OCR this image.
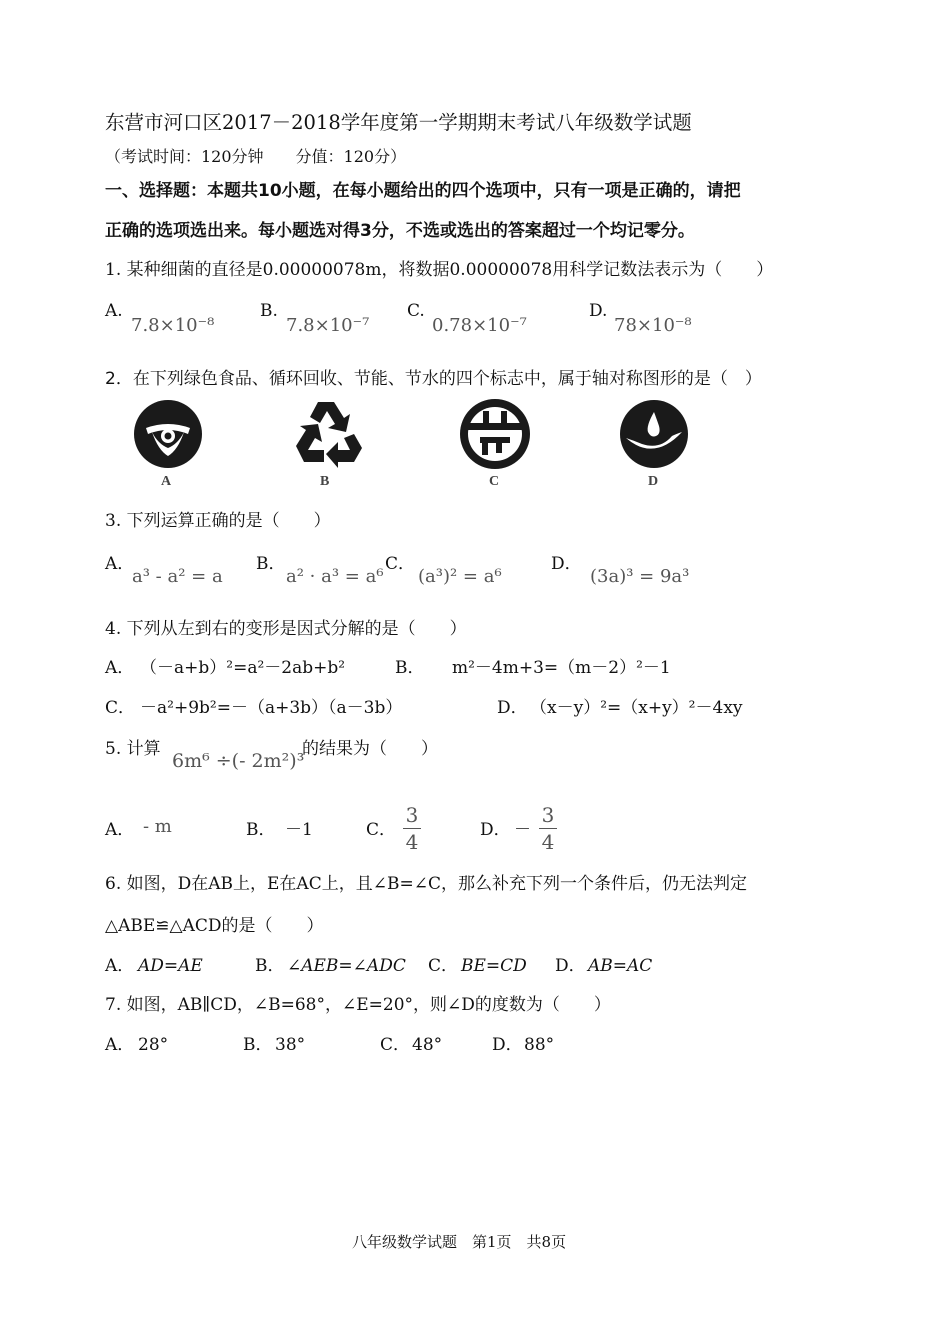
东营市河口区2017－2018学年度第一学期期末考试八年级数学试题
（考试时间：120分钟　　分值：120分）
一、选择题：本题共10小题，在每小题给出的四个选项中，只有一项是正确的，请把
正确的选项选出来。每小题选对得3分，不选或选出的答案超过一个均记零分。
1. 某种细菌的直径是0.00000078m，将数据0.00000078用科学记数法表示为（　　）
A.
7.8×10⁻⁸
B.
7.8×10⁻⁷
C.
0.78×10⁻⁷
D.
78×10⁻⁸
2．在下列绿色食品、循环回收、节能、节水的四个标志中，属于轴对称图形的是（　）
A	B	C	D
3. 下列运算正确的是（　　）
A．
a³ - a² = a
B．
a² · a³ = a⁶
C．
(a³)² = a⁶
D．
(3a)³ = 9a³
4. 下列从左到右的变形是因式分解的是（　　）
A． （－a+b）²=a²－2ab+b²	B． m²－4m+3=（m－2）²－1
C． －a²+9b²=－（a+3b）（a－3b）	D． （x－y）²=（x+y）²－4xy
5. 计算
6m⁶ ÷(- 2m²)³
的结果为（　　）
A． - m	B． －1	C．
3
4	D． －
3
4
6. 如图，D在AB上，E在AC上，且∠B=∠C，那么补充下列一个条件后，仍无法判定
△ABE≌△ACD的是（　　）
A． AD=AE	B． ∠AEB=∠ADC C． BE=CD D． AB=AC
7. 如图，AB∥CD，∠B=68°，∠E=20°，则∠D的度数为（　　）
A． 28°	B． 38°	C． 48°	D． 88°
八年级数学试题　第1页　共8页
